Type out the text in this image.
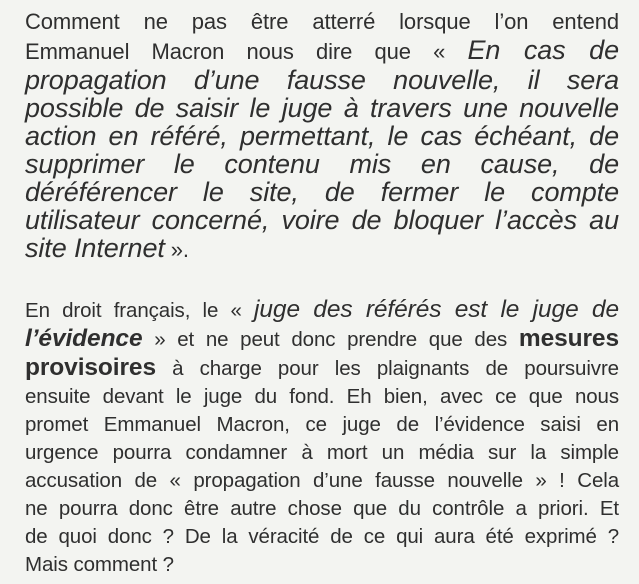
Comment ne pas être atterré lorsque l’on entend
Emmanuel Macron nous dire que « En cas de
propagation d’une fausse nouvelle, il sera
possible de saisir le juge à travers une nouvelle
action en référé, permettant, le cas échéant, de
supprimer le contenu mis en cause, de
déréférencer le site, de fermer le compte
utilisateur concerné, voire de bloquer l’accès au
site Internet ».

En droit français, le « juge des référés est le juge de
l’évidence » et ne peut donc prendre que des mesures
provisoires à charge pour les plaignants de poursuivre
ensuite devant le juge du fond. Eh bien, avec ce que nous
promet Emmanuel Macron, ce juge de l’évidence saisi en
urgence pourra condamner à mort un média sur la simple
accusation de « propagation d’une fausse nouvelle » ! Cela
ne pourra donc être autre chose que du contrôle a priori. Et
de quoi donc ? De la véracité de ce qui aura été exprimé ?
Mais comment ?
